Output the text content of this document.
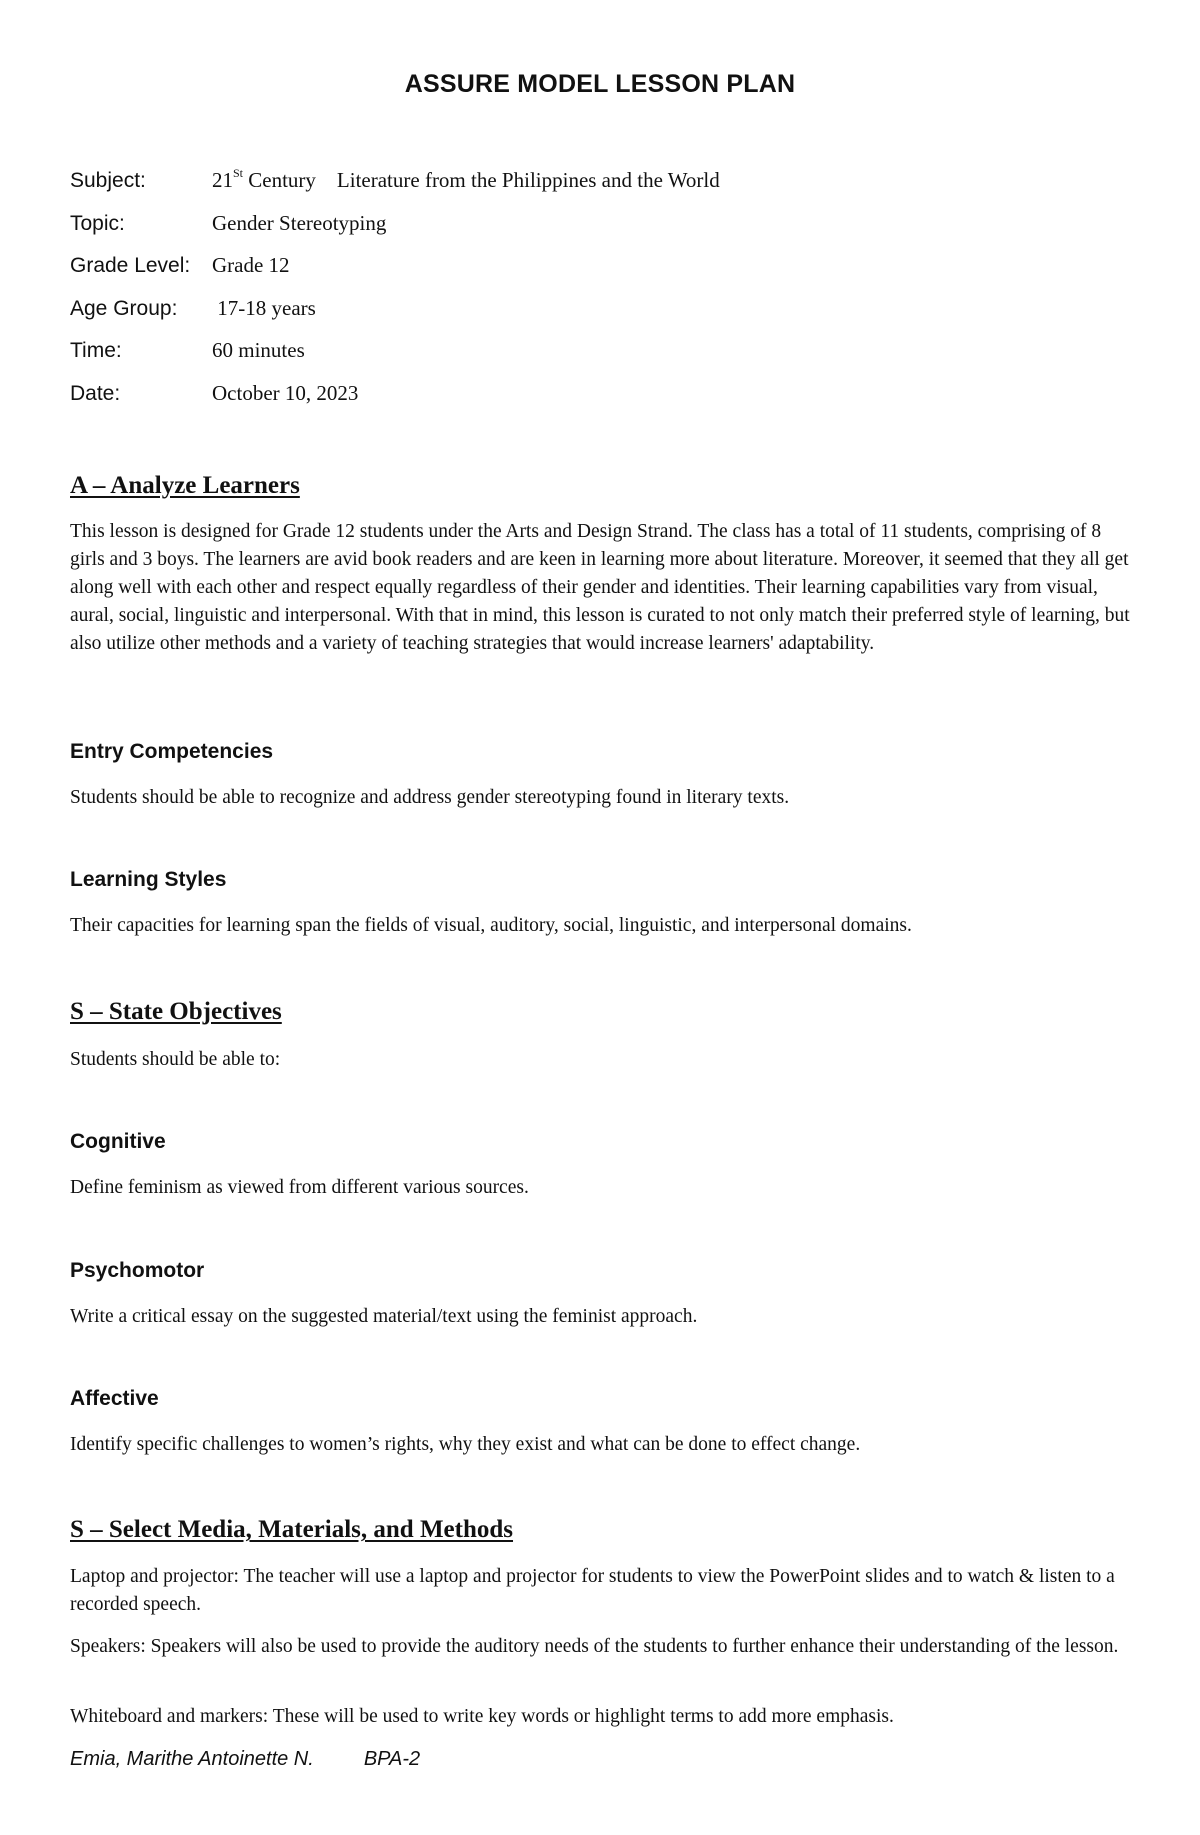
ASSURE MODEL LESSON PLAN
Subject:	21St Century    Literature from the Philippines and the World
Topic:	Gender Stereotyping
Grade Level:	Grade 12
Age Group:	17-18 years
Time:	60 minutes
Date:	October 10, 2023
A – Analyze Learners

This lesson is designed for Grade 12 students under the Arts and Design Strand. The class has a total of 11 students, comprising of 8 girls and 3 boys. The learners are avid book readers and are keen in learning more about literature. Moreover, it seemed that they all get along well with each other and respect equally regardless of their gender and identities. Their learning capabilities vary from visual, aural, social, linguistic and interpersonal. With that in mind, this lesson is curated to not only match their preferred style of learning, but also utilize other methods and a variety of teaching strategies that would increase learners' adaptability.

Entry Competencies

Students should be able to recognize and address gender stereotyping found in literary texts.

Learning Styles

Their capacities for learning span the fields of visual, auditory, social, linguistic, and interpersonal domains.

S – State Objectives

Students should be able to:

Cognitive

Define feminism as viewed from different various sources.

Psychomotor

Write a critical essay on the suggested material/text using the feminist approach.

Affective

Identify specific challenges to women’s rights, why they exist and what can be done to effect change.

S – Select Media, Materials, and Methods

Laptop and projector: The teacher will use a laptop and projector for students to view the PowerPoint slides and to watch & listen to a recorded speech.

Speakers: Speakers will also be used to provide the auditory needs of the students to further enhance their understanding of the lesson.

Whiteboard and markers: These will be used to write key words or highlight terms to add more emphasis.

Emia, Marithe Antoinette N.	BPA-2
